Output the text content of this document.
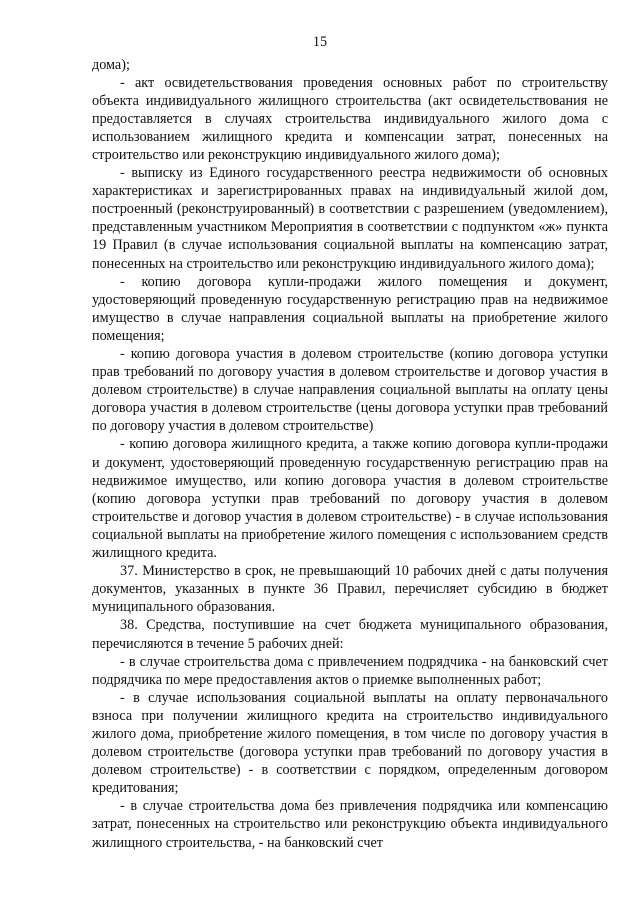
15

дома);

- акт освидетельствования проведения основных работ по строительству объекта индивидуального жилищного строительства (акт освидетельствования не предоставляется в случаях строительства индивидуального жилого дома с использованием жилищного кредита и компенсации затрат, понесенных на строительство или реконструкцию индивидуального жилого дома);

- выписку из Единого государственного реестра недвижимости об основных характеристиках и зарегистрированных правах на индивидуальный жилой дом, построенный (реконструированный) в соответствии с разрешением (уведомлением), представленным участником Мероприятия в соответствии с подпунктом «ж» пункта 19 Правил (в случае использования социальной выплаты на компенсацию затрат, понесенных на строительство или реконструкцию индивидуального жилого дома);

- копию договора купли-продажи жилого помещения и документ, удостоверяющий проведенную государственную регистрацию прав на недвижимое имущество в случае направления социальной выплаты на приобретение жилого помещения;

- копию договора участия в долевом строительстве (копию договора уступки прав требований по договору участия в долевом строительстве и договор участия в долевом строительстве) в случае направления социальной выплаты на оплату цены договора участия в долевом строительстве (цены договора уступки прав требований по договору участия в долевом строительстве)

- копию договора жилищного кредита, а также копию договора купли-продажи и документ, удостоверяющий проведенную государственную регистрацию прав на недвижимое имущество, или копию договора участия в долевом строительстве (копию договора уступки прав требований по договору участия в долевом строительстве и договор участия в долевом строительстве) - в случае использования социальной выплаты на приобретение жилого помещения с использованием средств жилищного кредита.

37. Министерство в срок, не превышающий 10 рабочих дней с даты получения документов, указанных в пункте 36 Правил, перечисляет субсидию в бюджет муниципального образования.

38. Средства, поступившие на счет бюджета муниципального образования, перечисляются в течение 5 рабочих дней:

- в случае строительства дома с привлечением подрядчика - на банковский счет подрядчика по мере предоставления актов о приемке выполненных работ;

- в случае использования социальной выплаты на оплату первоначального взноса при получении жилищного кредита на строительство индивидуального жилого дома, приобретение жилого помещения, в том числе по договору участия в долевом строительстве (договора уступки прав требований по договору участия в долевом строительстве) - в соответствии с порядком, определенным договором кредитования;

- в случае строительства дома без привлечения подрядчика или компенсацию затрат, понесенных на строительство или реконструкцию объекта индивидуального жилищного строительства, - на банковский счет
